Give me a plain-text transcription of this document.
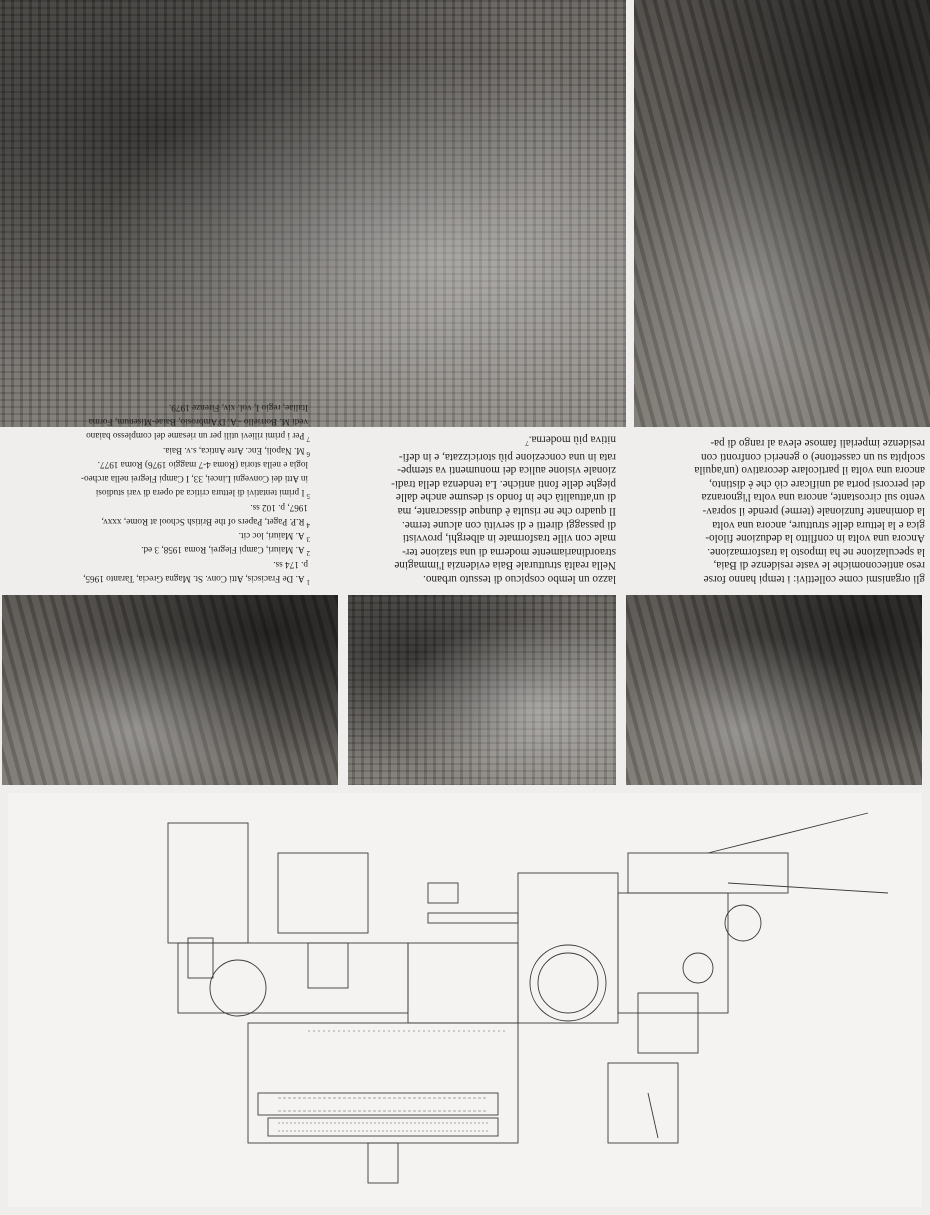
gli organismi come collettivi: i tempi hanno forse

reso antieconomiche le vaste residenze di Baia,

la speculazione ne ha imposto la trasformazione.

Ancora una volta in conflitto la deduzione filolo-

gica e la lettura delle strutture, ancora una volta

la dominante funzionale (terme) prende il soprav-

vento sul circostante, ancora una volta l'ignoranza

dei percorsi porta ad unificare ciò che è distinto,

ancora una volta il particolare decorativo (un'aquila

scolpita su un cassettone) o generici confronti con

residenze imperiali famose eleva al rango di pa-

lazzo un lembo cospicuo di tessuto urbano.

Nella realtà strutturale Baia evidenzia l'immagine

straordinariamente moderna di una stazione ter-

male con ville trasformate in alberghi, provvisti

di passaggi diretti e di servitù con alcune terme.

Il quadro che ne risulta è dunque dissacrante, ma

di un'attualità che in fondo si desume anche dalle

pieghe delle fonti antiche. La tendenza della tradi-

zionale visione aulica dei monumenti va stempe-

rata in una concezione più storicizzata, e in defi-

nitiva più moderna.$^7$

$^1$A. De Fraciscis, Atti Conv. St. Magna Grecia, Taranto 1965,

p. 174 ss.

$^2$A. Maiuri, Campi Flegrei, Roma 1958, 3 ed.

$^3$A. Maiuri, loc cit.

$^4$R.P. Paget, Papers of the British School at Rome, xxxv,

1967, p. 102 ss.

$^5$I primi tentativi di lettura critica ad opera di vari studiosi

in Atti dei Convegni Lincei, 33, I Campi Flegrei nella archeo-

logia e nella storia (Roma 4-7 maggio 1976) Roma 1977.

$^6$M. Napoli, Enc. Arte Antica, s.v. Baia.

$^7$Per i primi rilievi utili per un riesame del complesso baiano

vedi M. Borriello - A. D'Ambrosio, Baiae-Misenum, Forma

Italiae, regio I, vol. xiv, Firenze 1979.
